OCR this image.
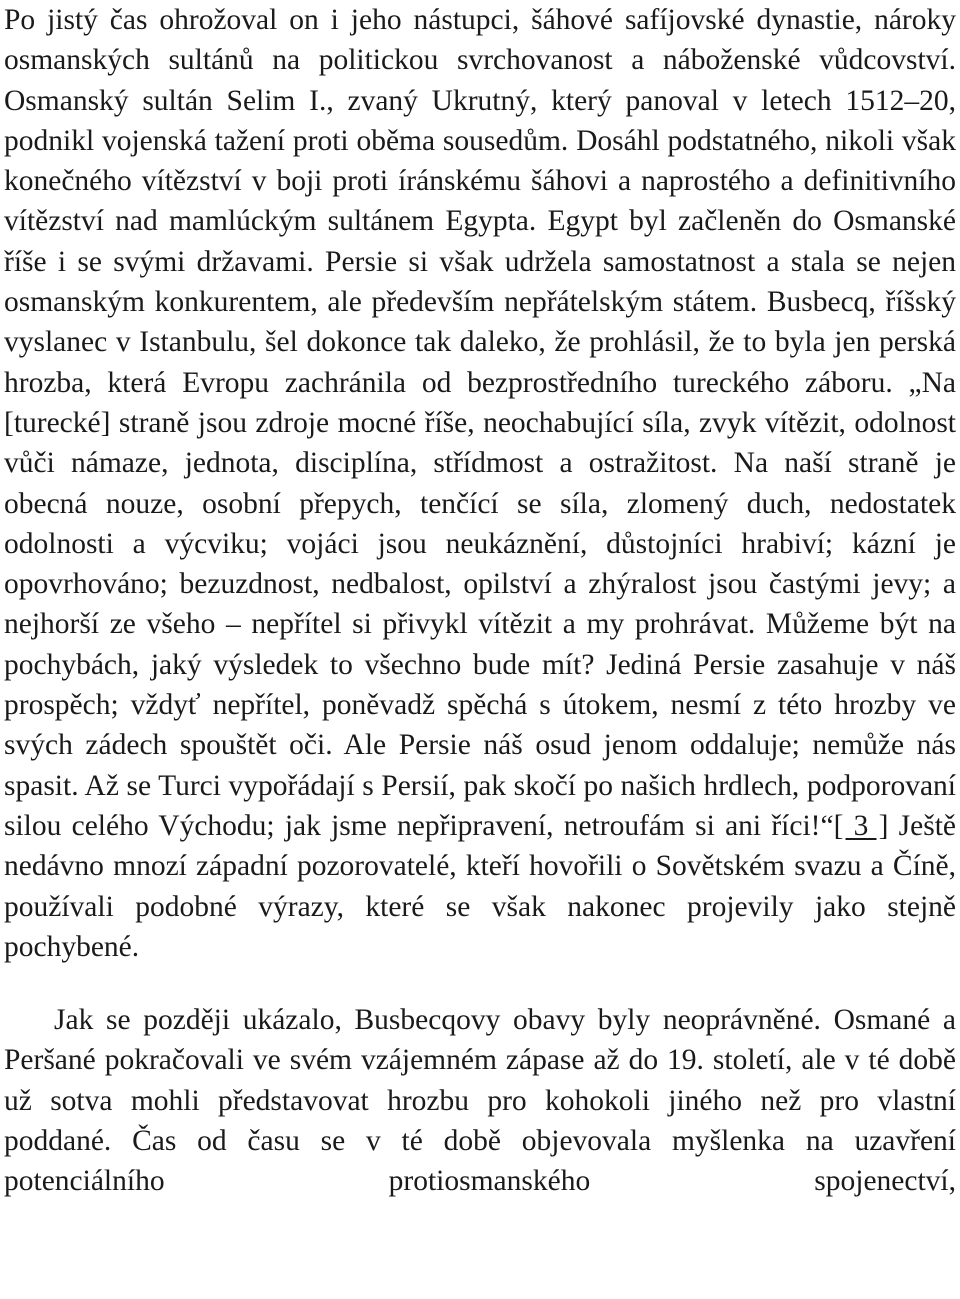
Po jistý čas ohrožoval on i jeho nástupci, šáhové safíjovské dynastie, nároky osmanských sultánů na politickou svrchovanost a náboženské vůdcovství. Osmanský sultán Selim I., zvaný Ukrutný, který panoval v letech 1512–20, podnikl vojenská tažení proti oběma sousedům. Dosáhl podstatného, nikoli však konečného vítězství v boji proti íránskému šáhovi a naprostého a definitivního vítězství nad mamlúckým sultánem Egypta. Egypt byl začleněn do Osmanské říše i se svými državami. Persie si však udržela samostatnost a stala se nejen osmanským konkurentem, ale především nepřátelským státem. Busbecq, říšský vyslanec v Istanbulu, šel dokonce tak daleko, že prohlásil, že to byla jen perská hrozba, která Evropu zachránila od bezprostředního tureckého záboru. „Na [turecké] straně jsou zdroje mocné říše, neochabující síla, zvyk vítězit, odolnost vůči námaze, jednota, disciplína, střídmost a ostražitost. Na naší straně je obecná nouze, osobní přepych, tenčící se síla, zlomený duch, nedostatek odolnosti a výcviku; vojáci jsou neukáznění, důstojníci hrabiví; kázní je opovrhováno; bezuzdnost, nedbalost, opilství a zhýralost jsou častými jevy; a nejhorší ze všeho – nepřítel si přivykl vítězit a my prohrávat. Můžeme být na pochybách, jaký výsledek to všechno bude mít? Jediná Persie zasahuje v náš prospěch; vždyť nepřítel, poněvadž spěchá s útokem, nesmí z této hrozby ve svých zádech spouštět oči. Ale Persie náš osud jenom oddaluje; nemůže nás spasit. Až se Turci vypořádají s Persií, pak skočí po našich hrdlech, podporovaní silou celého Východu; jak jsme nepřipravení, netroufám si ani říci!“[ 3 ] Ještě nedávno mnozí západní pozorovatelé, kteří hovořili o Sovětském svazu a Číně, používali podobné výrazy, které se však nakonec projevily jako stejně pochybené.

Jak se později ukázalo, Busbecqovy obavy byly neoprávněné. Osmané a Peršané pokračovali ve svém vzájemném zápase až do 19. století, ale v té době už sotva mohli představovat hrozbu pro kohokoli jiného než pro vlastní poddané. Čas od času se v té době objevovala myšlenka na uzavření potenciálního protiosmanského spojenectví,
